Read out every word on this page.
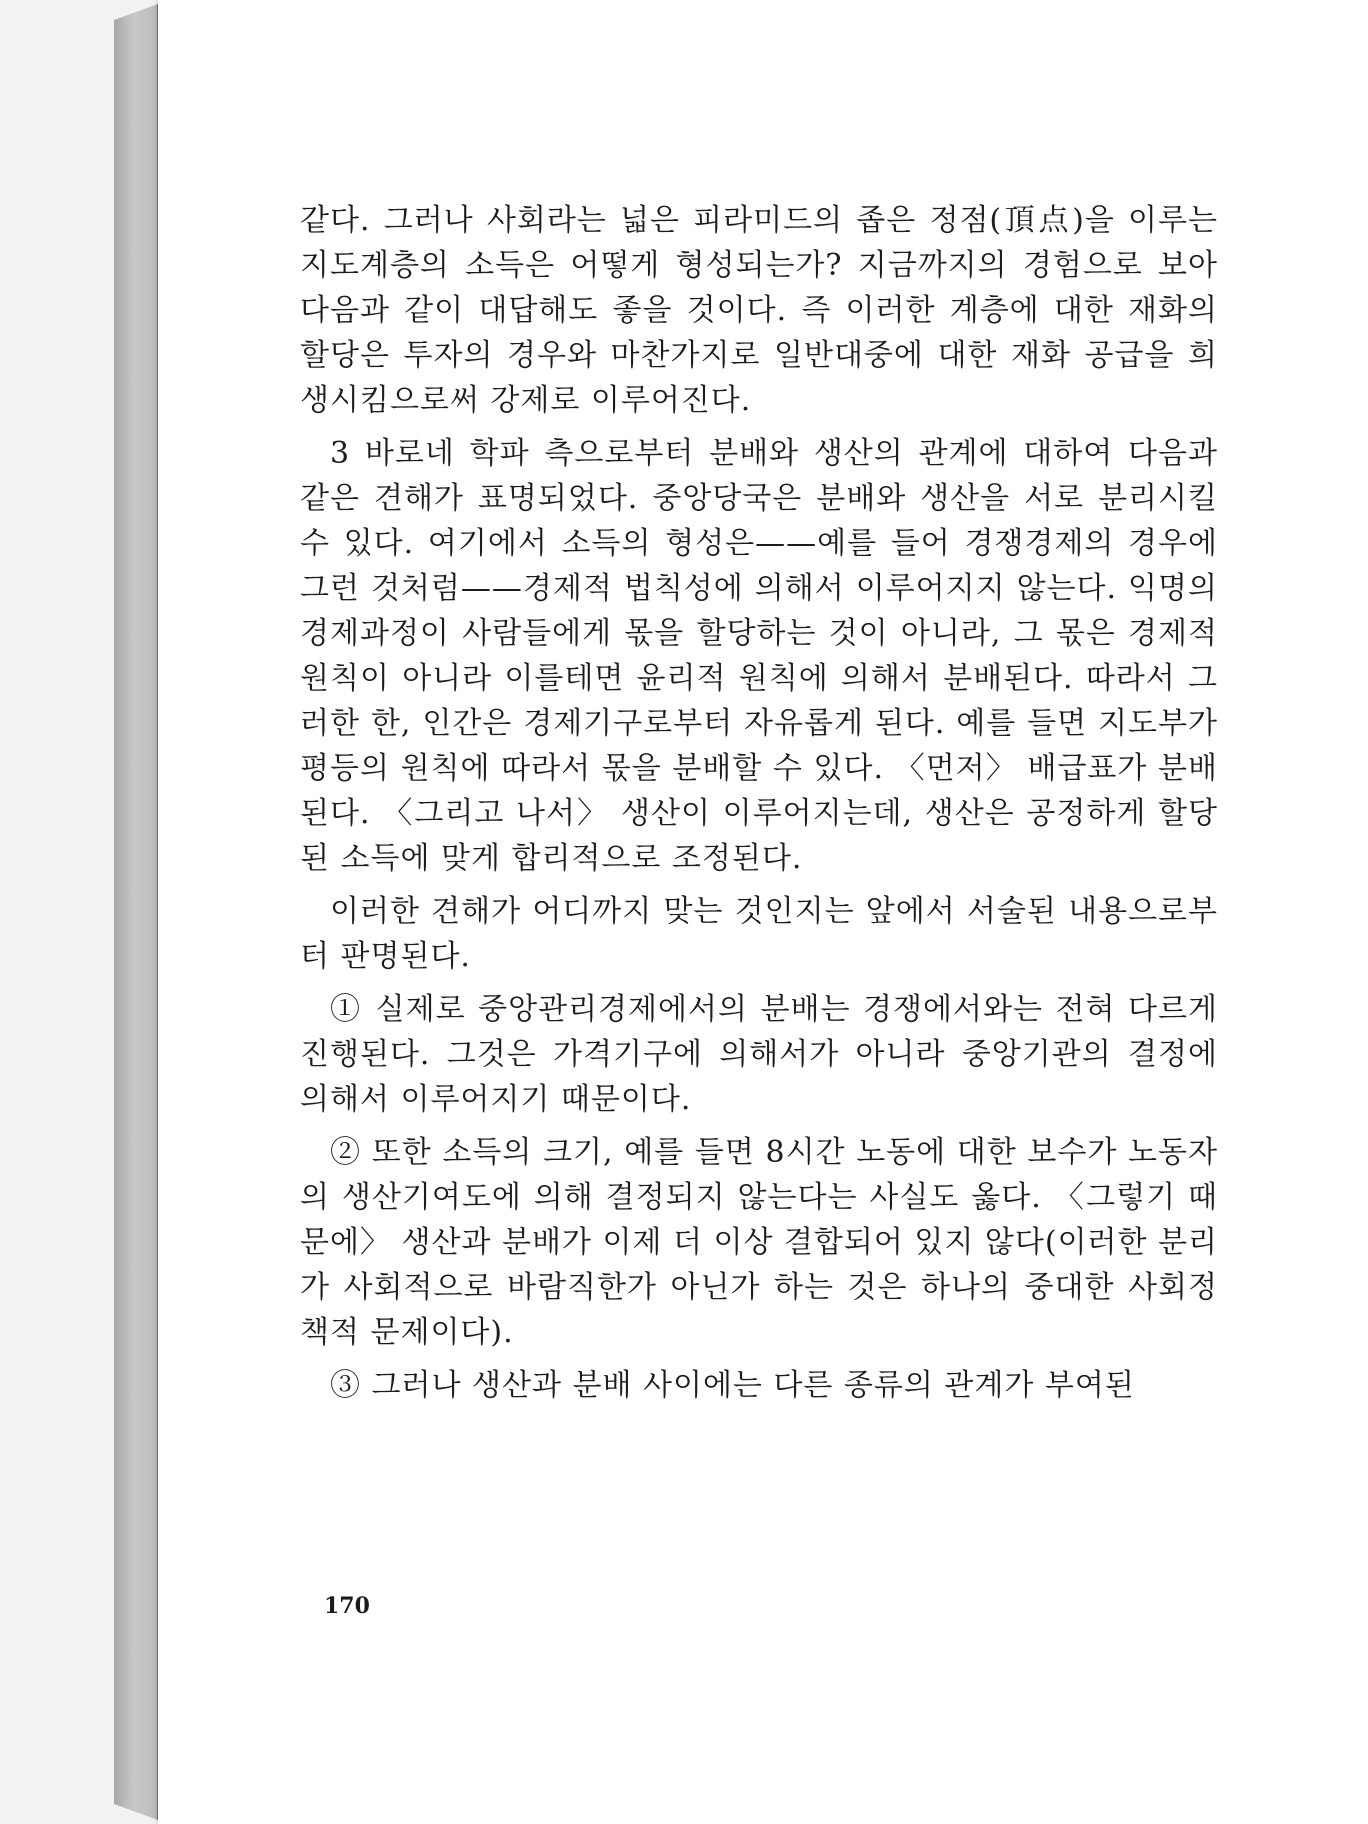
같다. 그러나 사회라는 넓은 피라미드의 좁은 정점(頂点)을 이루는 지도계층의 소득은 어떻게 형성되는가? 지금까지의 경험으로 보아 다음과 같이 대답해도 좋을 것이다. 즉 이러한 계층에 대한 재화의 할당은 투자의 경우와 마찬가지로 일반대중에 대한 재화 공급을 희생시킴으로써 강제로 이루어진다.

3 바로네 학파 측으로부터 분배와 생산의 관계에 대하여 다음과 같은 견해가 표명되었다. 중앙당국은 분배와 생산을 서로 분리시킬 수 있다. 여기에서 소득의 형성은——예를 들어 경쟁경제의 경우에 그런 것처럼——경제적 법칙성에 의해서 이루어지지 않는다. 익명의 경제과정이 사람들에게 몫을 할당하는 것이 아니라, 그 몫은 경제적 원칙이 아니라 이를테면 윤리적 원칙에 의해서 분배된다. 따라서 그러한 한, 인간은 경제기구로부터 자유롭게 된다. 예를 들면 지도부가 평등의 원칙에 따라서 몫을 분배할 수 있다. 〈먼저〉 배급표가 분배된다. 〈그리고 나서〉 생산이 이루어지는데, 생산은 공정하게 할당된 소득에 맞게 합리적으로 조정된다.

이러한 견해가 어디까지 맞는 것인지는 앞에서 서술된 내용으로부터 판명된다.

① 실제로 중앙관리경제에서의 분배는 경쟁에서와는 전혀 다르게 진행된다. 그것은 가격기구에 의해서가 아니라 중앙기관의 결정에 의해서 이루어지기 때문이다.

② 또한 소득의 크기, 예를 들면 8시간 노동에 대한 보수가 노동자의 생산기여도에 의해 결정되지 않는다는 사실도 옳다. 〈그렇기 때문에〉 생산과 분배가 이제 더 이상 결합되어 있지 않다(이러한 분리가 사회적으로 바람직한가 아닌가 하는 것은 하나의 중대한 사회정책적 문제이다).

③ 그러나 생산과 분배 사이에는 다른 종류의 관계가 부여된

170
